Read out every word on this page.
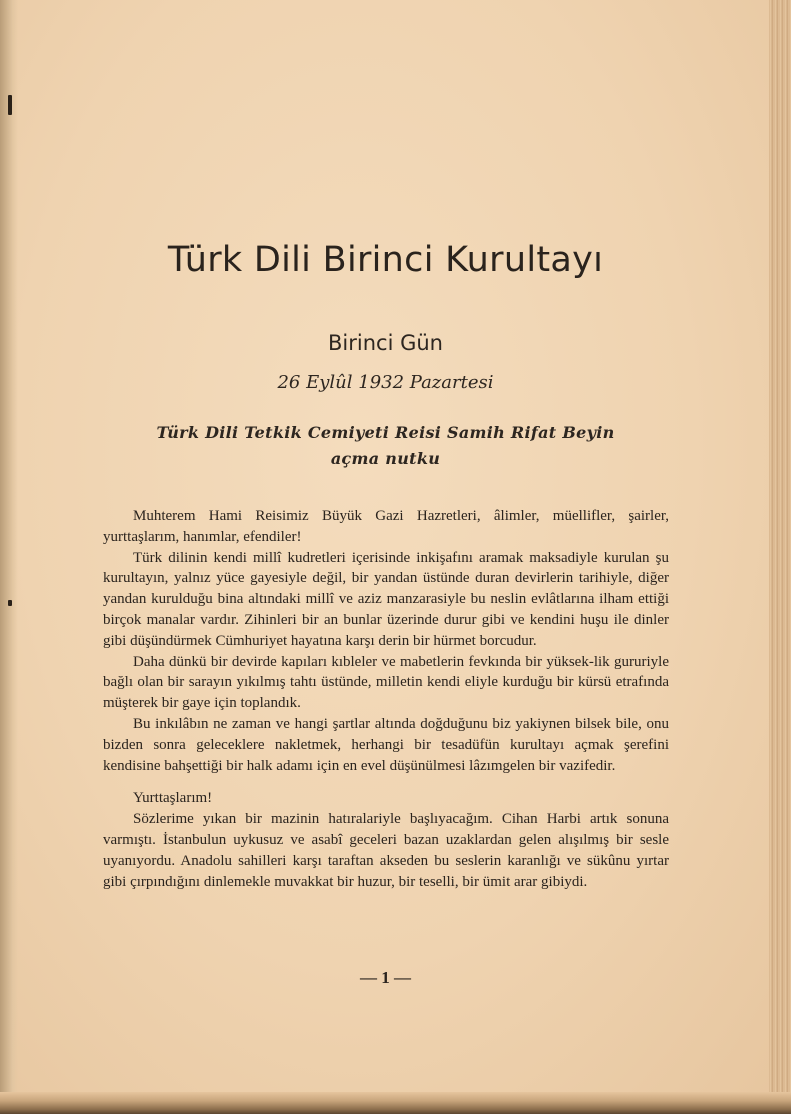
Türk Dili Birinci Kurultayı
Birinci Gün
26 Eylûl 1932 Pazartesi
Türk Dili Tetkik Cemiyeti Reisi Samih Rifat Beyin
açma nutku

Muhterem Hami Reisimiz Büyük Gazi Hazretleri, âlimler, müellifler, şairler, yurttaşlarım, hanımlar, efendiler!

Türk dilinin kendi millî kudretleri içerisinde inkişafını aramak maksadiyle kurulan şu kurultayın, yalnız yüce gayesiyle değil, bir yandan üstünde duran devirlerin tarihiyle, diğer yandan kurulduğu bina altındaki millî ve aziz manzarasiyle bu neslin evlâtlarına ilham ettiği birçok manalar vardır. Zihinleri bir an bunlar üzerinde durur gibi ve kendini huşu ile dinler gibi düşündürmek Cümhuriyet hayatına karşı derin bir hürmet borcudur.

Daha dünkü bir devirde kapıları kıbleler ve mabetlerin fevkında bir yüksek-lik gururiyle bağlı olan bir sarayın yıkılmış tahtı üstünde, milletin kendi eliyle kurduğu bir kürsü etrafında müşterek bir gaye için toplandık.

Bu inkılâbın ne zaman ve hangi şartlar altında doğduğunu biz yakiynen bilsek bile, onu bizden sonra geleceklere nakletmek, herhangi bir tesadüfün kurultayı açmak şerefini kendisine bahşettiği bir halk adamı için en evel düşünülmesi lâzımgelen bir vazifedir.

Yurttaşlarım!

Sözlerime yıkan bir mazinin hatıralariyle başlıyacağım. Cihan Harbi artık sonuna varmıştı. İstanbulun uykusuz ve asabî geceleri bazan uzaklardan gelen alışılmış bir sesle uyanıyordu. Anadolu sahilleri karşı taraftan akseden bu seslerin karanlığı ve sükûnu yırtar gibi çırpındığını dinlemekle muvakkat bir huzur, bir teselli, bir ümit arar gibiydi.

— 1 —
